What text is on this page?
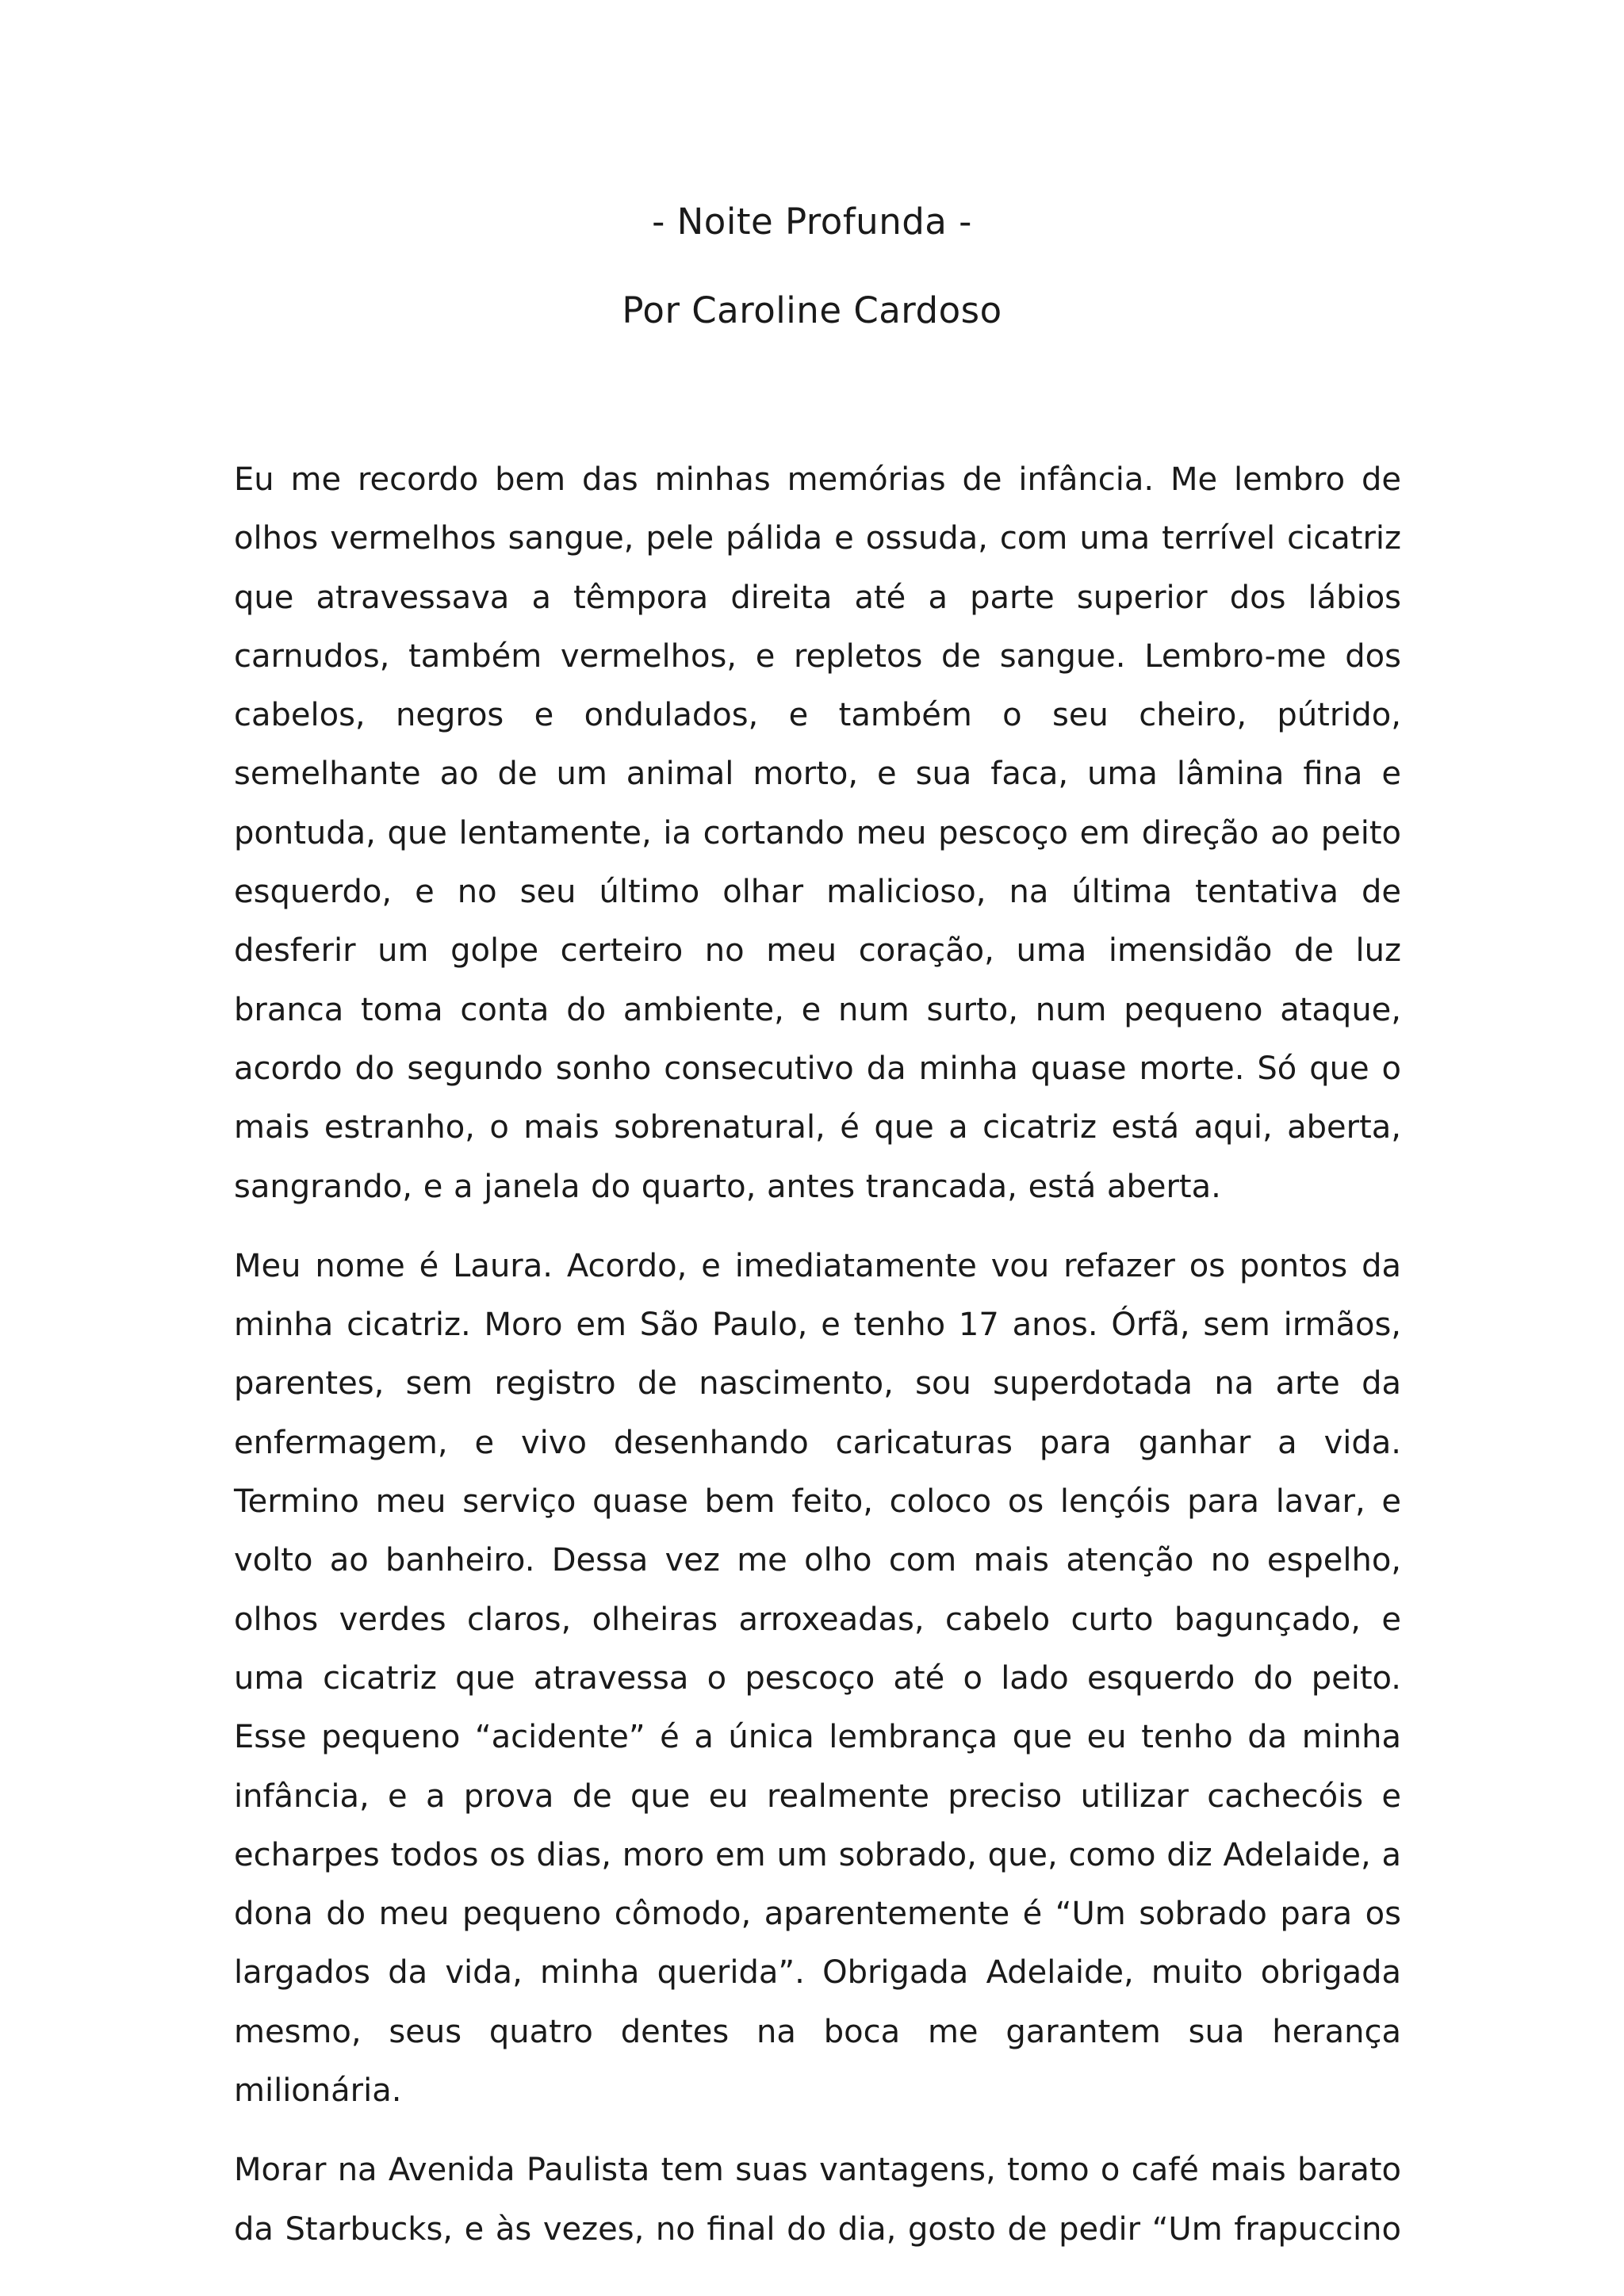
- Noite Profunda -
Por Caroline Cardoso

Eu me recordo bem das minhas memórias de infância. Me lembro de olhos vermelhos sangue, pele pálida e ossuda, com uma terrível cicatriz que atravessava a têmpora direita até a parte superior dos lábios carnudos, também vermelhos, e repletos de sangue. Lembro-me dos cabelos, negros e ondulados, e também o seu cheiro, pútrido, semelhante ao de um animal morto, e sua faca, uma lâmina fina e pontuda, que lentamente, ia cortando meu pescoço em direção ao peito esquerdo, e no seu último olhar malicioso, na última tentativa de desferir um golpe certeiro no meu coração, uma imensidão de luz branca toma conta do ambiente, e num surto, num pequeno ataque, acordo do segundo sonho consecutivo da minha quase morte. Só que o mais estranho, o mais sobrenatural, é que a cicatriz está aqui, aberta, sangrando, e a janela do quarto, antes trancada, está aberta.

Meu nome é Laura. Acordo, e imediatamente vou refazer os pontos da minha cicatriz. Moro em São Paulo, e tenho 17 anos. Órfã, sem irmãos, parentes, sem registro de nascimento, sou superdotada na arte da enfermagem, e vivo desenhando caricaturas para ganhar a vida. Termino meu serviço quase bem feito, coloco os lençóis para lavar, e volto ao banheiro. Dessa vez me olho com mais atenção no espelho, olhos verdes claros, olheiras arroxeadas, cabelo curto bagunçado, e uma cicatriz que atravessa o pescoço até o lado esquerdo do peito. Esse pequeno “acidente” é a única lembrança que eu tenho da minha infância, e a prova de que eu realmente preciso utilizar cachecóis e echarpes todos os dias, moro em um sobrado, que, como diz Adelaide, a dona do meu pequeno cômodo, aparentemente é “Um sobrado para os largados da vida, minha querida”. Obrigada Adelaide, muito obrigada mesmo, seus quatro dentes na boca me garantem sua herança milionária.

Morar na Avenida Paulista tem suas vantagens, tomo o café mais barato da Starbucks, e às vezes, no final do dia, gosto de pedir “Um frapuccino
